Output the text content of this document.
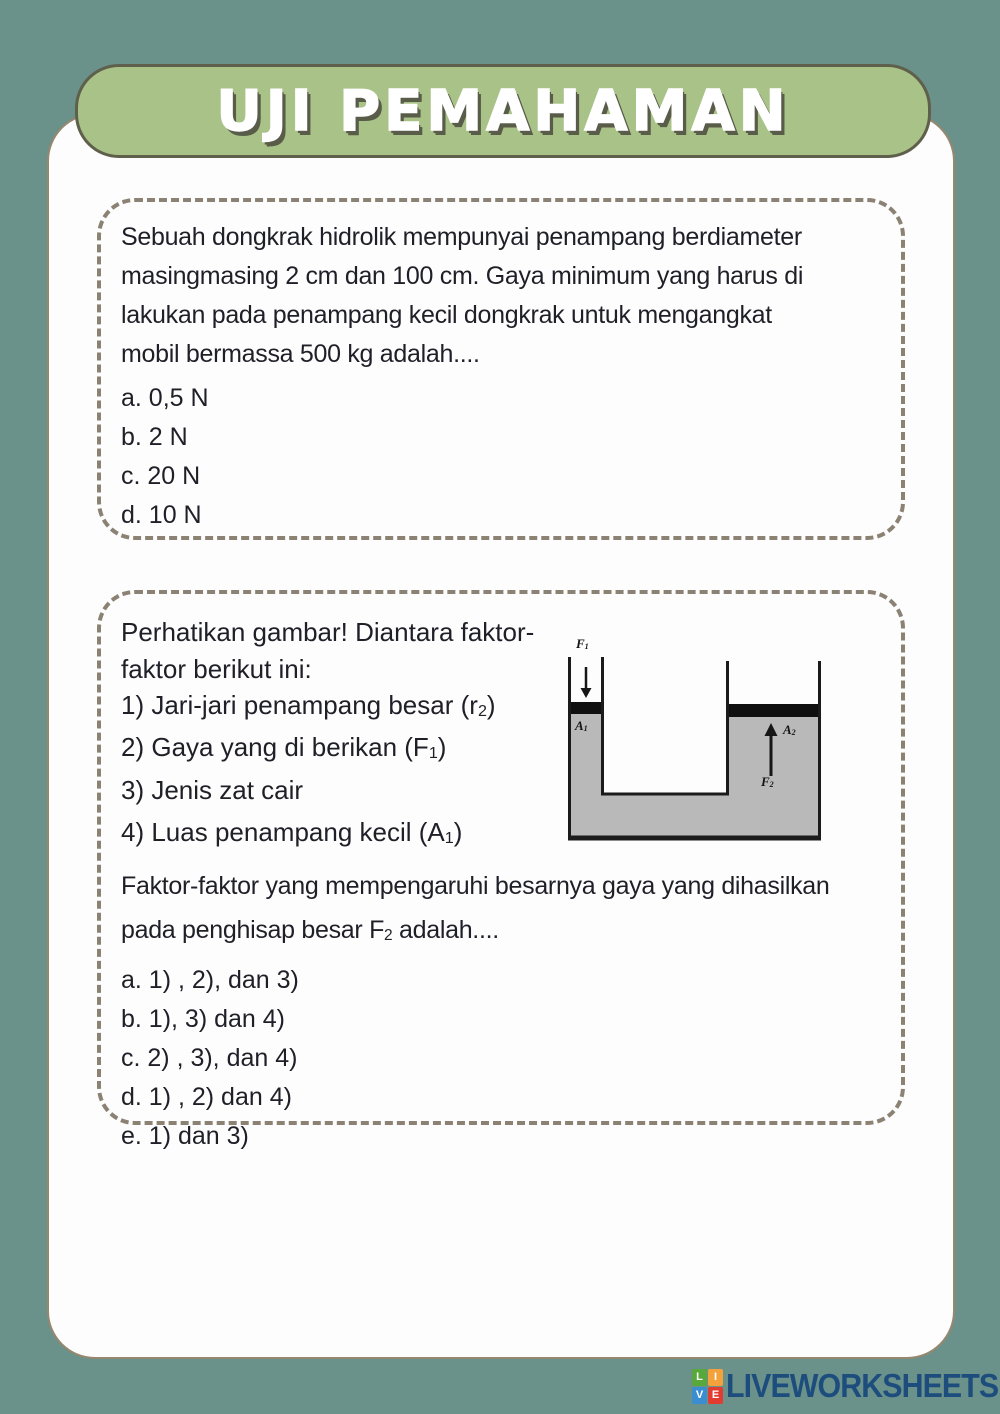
UJI PEMAHAMAN
Sebuah dongkrak hidrolik mempunyai penampang berdiameter
masingmasing 2 cm dan 100 cm. Gaya minimum yang harus di
lakukan pada penampang kecil dongkrak untuk mengangkat
mobil bermassa 500 kg adalah....
a. 0,5 N
b. 2 N
c. 20 N
d. 10 N
Perhatikan gambar! Diantara faktor-
faktor berikut ini:
1) Jari-jari penampang besar (r2)
2) Gaya yang di berikan (F1)
3) Jenis zat cair
4) Luas penampang kecil (A1)
F1
A1	A2
F2
Faktor-faktor yang mempengaruhi besarnya gaya yang dihasilkan
pada penghisap besar F2 adalah....
a. 1) , 2), dan 3)
b. 1), 3) dan 4)
c. 2) , 3), dan 4)
d. 1) , 2) dan 4)
e. 1) dan 3)
L	I
V E LIVEWORKSHEETS
